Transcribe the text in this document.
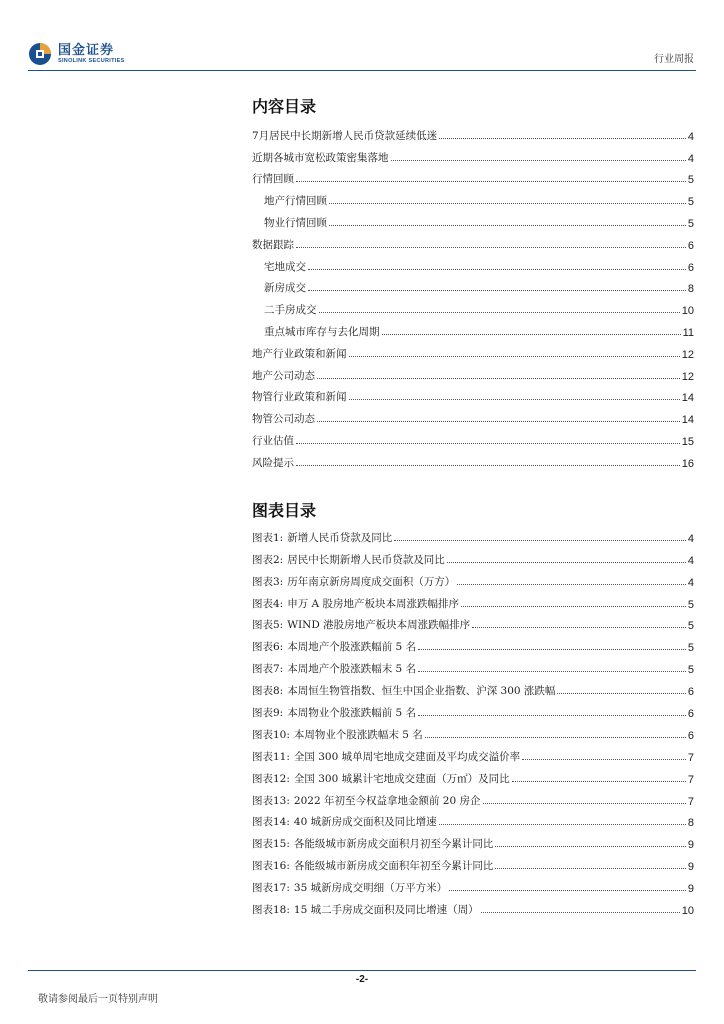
国金证券
SINOLINK SECURITIES	行业周报
内容目录
7月居民中长期新增人民币贷款延续低迷	4
近期各城市宽松政策密集落地	4
行情回顾	5
地产行情回顾	5
物业行情回顾	5
数据跟踪	6
宅地成交	6
新房成交	8
二手房成交	10
重点城市库存与去化周期	11
地产行业政策和新闻	12
地产公司动态	12
物管行业政策和新闻	14
物管公司动态	14
行业估值	15
风险提示	16
图表目录
图表1: 新增人民币贷款及同比	4
图表2: 居民中长期新增人民币贷款及同比	4
图表3: 历年南京新房周度成交面积（万方）	4
图表4: 申万 A 股房地产板块本周涨跌幅排序	5
图表5: WIND 港股房地产板块本周涨跌幅排序	5
图表6: 本周地产个股涨跌幅前 5 名	5
图表7: 本周地产个股涨跌幅末 5 名	5
图表8: 本周恒生物管指数、恒生中国企业指数、沪深 300 涨跌幅	6
图表9: 本周物业个股涨跌幅前 5 名	6
图表10: 本周物业个股涨跌幅末 5 名	6
图表11: 全国 300 城单周宅地成交建面及平均成交溢价率	7
图表12: 全国 300 城累计宅地成交建面（万㎡）及同比	7
图表13: 2022 年初至今权益拿地金额前 20 房企	7
图表14: 40 城新房成交面积及同比增速	8
图表15: 各能级城市新房成交面积月初至今累计同比	9
图表16: 各能级城市新房成交面积年初至今累计同比	9
图表17: 35 城新房成交明细（万平方米）	9
图表18: 15 城二手房成交面积及同比增速（周）	10
-2-
敬请参阅最后一页特别声明
